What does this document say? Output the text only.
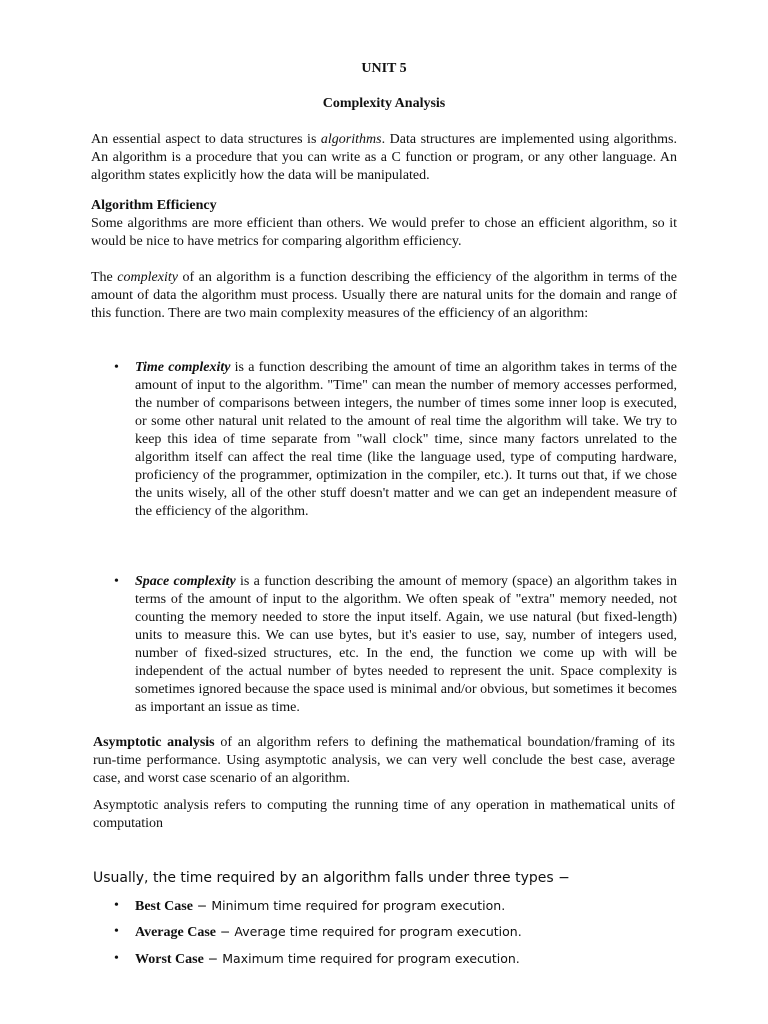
UNIT 5
Complexity Analysis

An essential aspect to data structures is algorithms. Data structures are implemented using algorithms. An algorithm is a procedure that you can write as a C function or program, or any other language. An algorithm states explicitly how the data will be manipulated.

Algorithm Efficiency

Some algorithms are more efficient than others. We would prefer to chose an efficient algorithm, so it would be nice to have metrics for comparing algorithm efficiency.

The complexity of an algorithm is a function describing the efficiency of the algorithm in terms of the amount of data the algorithm must process. Usually there are natural units for the domain and range of this function. There are two main complexity measures of the efficiency of an algorithm:

• Time complexity is a function describing the amount of time an algorithm takes in terms of the amount of input to the algorithm. "Time" can mean the number of memory accesses performed, the number of comparisons between integers, the number of times some inner loop is executed, or some other natural unit related to the amount of real time the algorithm will take. We try to keep this idea of time separate from "wall clock" time, since many factors unrelated to the algorithm itself can affect the real time (like the language used, type of computing hardware, proficiency of the programmer, optimization in the compiler, etc.). It turns out that, if we chose the units wisely, all of the other stuff doesn't matter and we can get an independent measure of the efficiency of the algorithm.

• Space complexity is a function describing the amount of memory (space) an algorithm takes in terms of the amount of input to the algorithm. We often speak of "extra" memory needed, not counting the memory needed to store the input itself. Again, we use natural (but fixed-length) units to measure this. We can use bytes, but it's easier to use, say, number of integers used, number of fixed-sized structures, etc. In the end, the function we come up with will be independent of the actual number of bytes needed to represent the unit. Space complexity is sometimes ignored because the space used is minimal and/or obvious, but sometimes it becomes as important an issue as time.

Asymptotic analysis of an algorithm refers to defining the mathematical boundation/framing of its run-time performance. Using asymptotic analysis, we can very well conclude the best case, average case, and worst case scenario of an algorithm.

Asymptotic analysis refers to computing the running time of any operation in mathematical units of computation

Usually, the time required by an algorithm falls under three types −
• Best Case − Minimum time required for program execution.
• Average Case − Average time required for program execution.
• Worst Case − Maximum time required for program execution.
